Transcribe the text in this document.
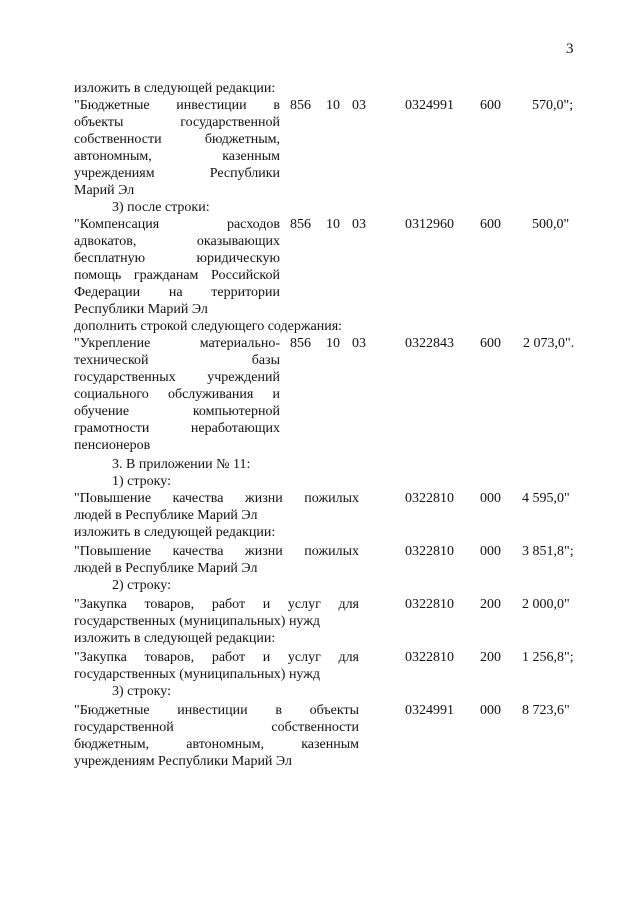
3
изложить в следующей редакции:
"Бюджетные инвестиции в
объекты государственной
собственности бюджетным,
автономным, казенным
учреждениям Республики
Марий Эл
856 10 03	0324991 600 570,0";
3) после строки:
"Компенсация расходов
адвокатов, оказывающих
бесплатную юридическую
помощь гражданам Российской
Федерации на территории
Республики Марий Эл
856 10 03	0312960 600 500,0"
дополнить строкой следующего содержания:
"Укрепление материально-
технической базы
государственных учреждений
социального обслуживания и
обучение компьютерной
грамотности неработающих
пенсионеров
856 10 03	0322843 600 2 073,0".
3. В приложении № 11:
1) строку:
"Повышение качества жизни пожилых
людей в Республике Марий Эл
0322810 000 4 595,0"
изложить в следующей редакции:
"Повышение качества жизни пожилых
людей в Республике Марий Эл
0322810 000 3 851,8";
2) строку:
"Закупка товаров, работ и услуг для
государственных (муниципальных) нужд
0322810 200 2 000,0"
изложить в следующей редакции:
"Закупка товаров, работ и услуг для
государственных (муниципальных) нужд
0322810 200 1 256,8";
3) строку:
"Бюджетные инвестиции в объекты
государственной собственности
бюджетным, автономным, казенным
учреждениям Республики Марий Эл
0324991 000 8 723,6"
